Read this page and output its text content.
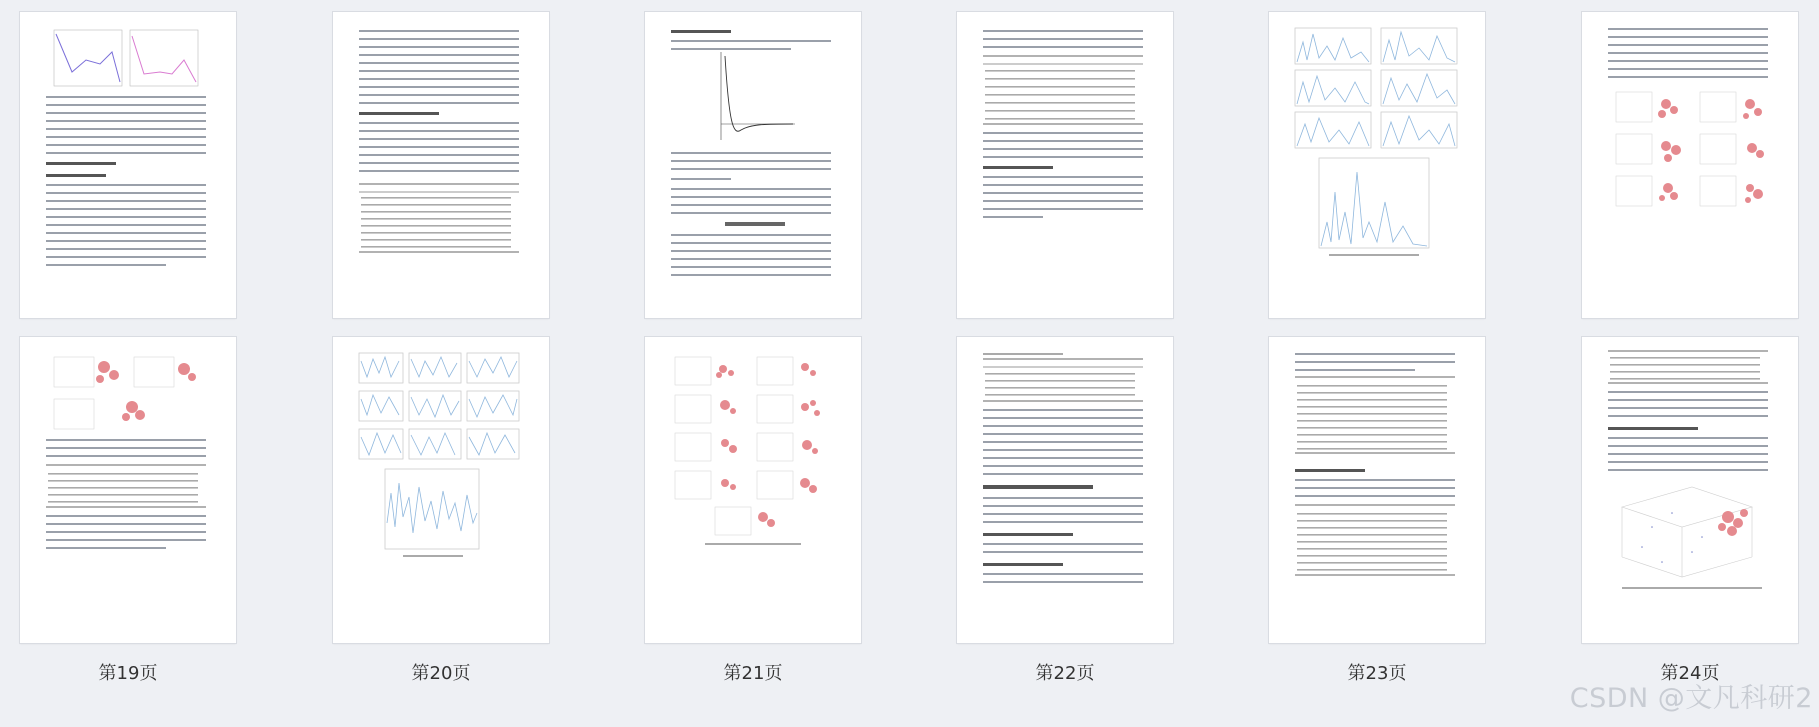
第19页	第20页	第21页	第22页	第23页	第24页
CSDN @文凡科研2
